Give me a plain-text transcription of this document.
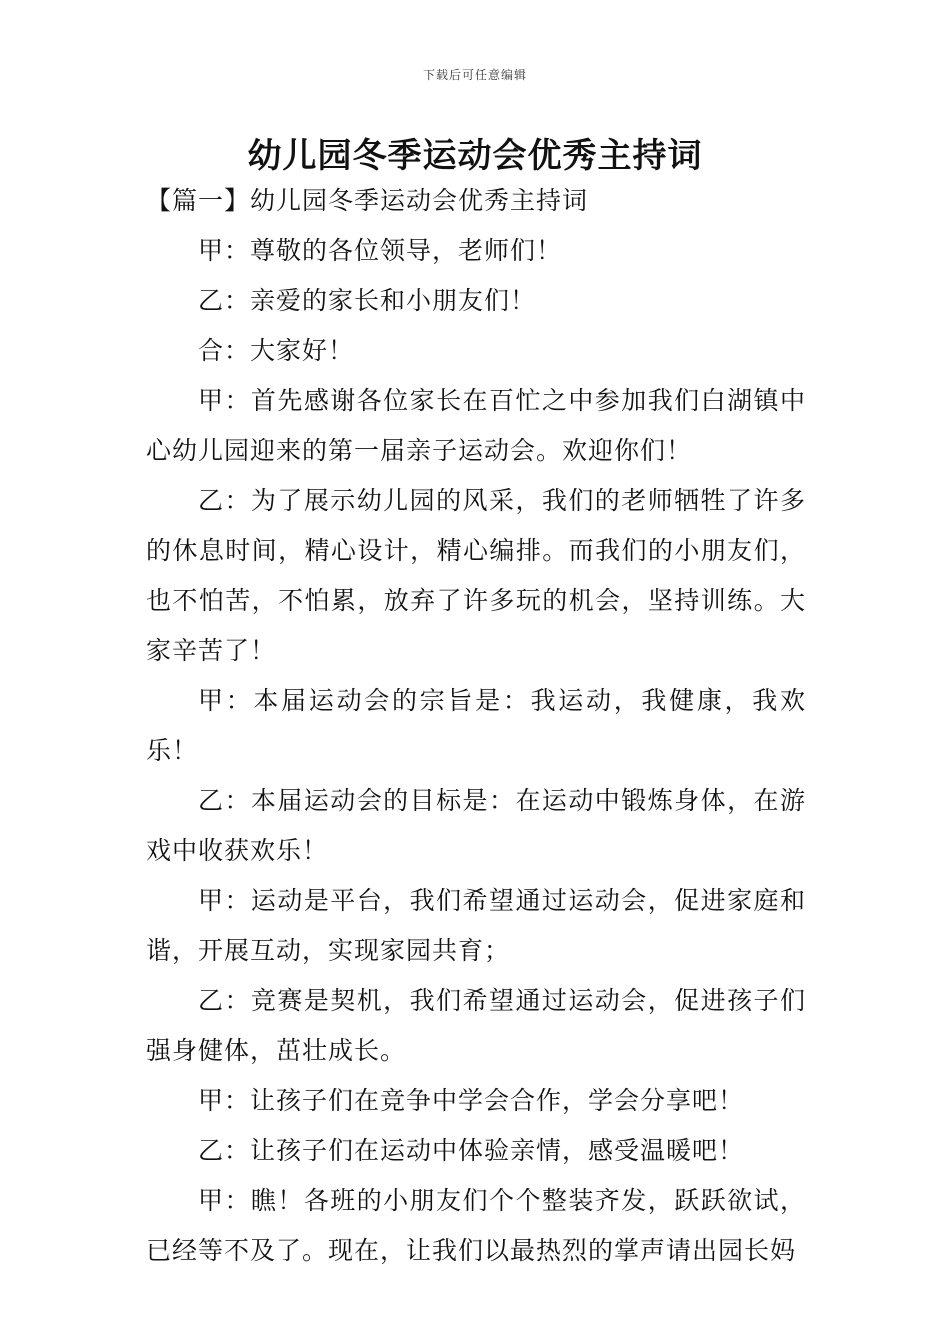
下载后可任意编辑
幼儿园冬季运动会优秀主持词

【篇一】幼儿园冬季运动会优秀主持词

甲：尊敬的各位领导，老师们！

乙：亲爱的家长和小朋友们！

合：大家好！

甲：首先感谢各位家长在百忙之中参加我们白湖镇中心幼儿园迎来的第一届亲子运动会。欢迎你们！

乙：为了展示幼儿园的风采，我们的老师牺牲了许多的休息时间，精心设计，精心编排。而我们的小朋友们，也不怕苦，不怕累，放弃了许多玩的机会，坚持训练。大家辛苦了！

甲：本届运动会的宗旨是：我运动，我健康，我欢乐！

乙：本届运动会的目标是：在运动中锻炼身体，在游戏中收获欢乐！

甲：运动是平台，我们希望通过运动会，促进家庭和谐，开展互动，实现家园共育；

乙：竞赛是契机，我们希望通过运动会，促进孩子们强身健体，茁壮成长。

甲：让孩子们在竞争中学会合作，学会分享吧！

乙：让孩子们在运动中体验亲情，感受温暖吧！

甲：瞧！各班的小朋友们个个整装齐发，跃跃欲试，已经等不及了。现在，让我们以最热烈的掌声请出园长妈
